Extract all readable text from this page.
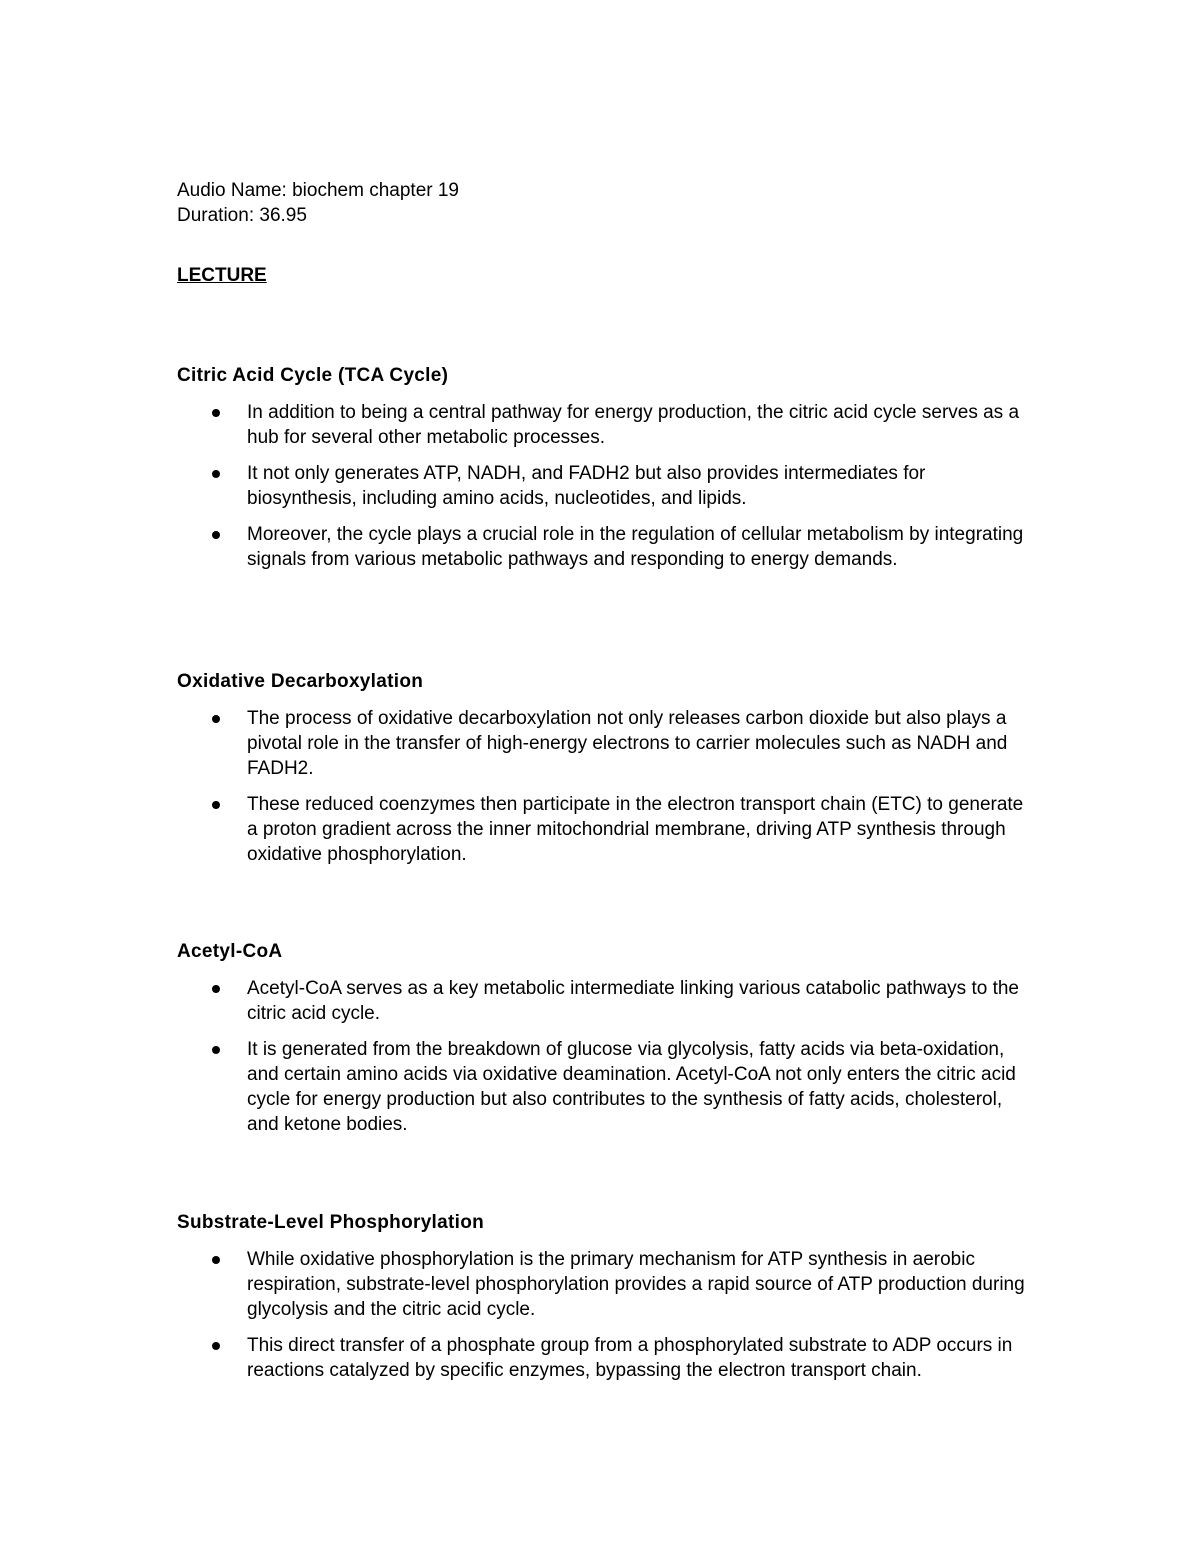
Audio Name: biochem chapter 19
Duration: 36.95
LECTURE
Citric Acid Cycle (TCA Cycle)
In addition to being a central pathway for energy production, the citric acid cycle serves as a hub for several other metabolic processes.
It not only generates ATP, NADH, and FADH2 but also provides intermediates for biosynthesis, including amino acids, nucleotides, and lipids.
Moreover, the cycle plays a crucial role in the regulation of cellular metabolism by integrating signals from various metabolic pathways and responding to energy demands.
Oxidative Decarboxylation
The process of oxidative decarboxylation not only releases carbon dioxide but also plays a pivotal role in the transfer of high-energy electrons to carrier molecules such as NADH and FADH2.
These reduced coenzymes then participate in the electron transport chain (ETC) to generate a proton gradient across the inner mitochondrial membrane, driving ATP synthesis through oxidative phosphorylation.
Acetyl-CoA
Acetyl-CoA serves as a key metabolic intermediate linking various catabolic pathways to the citric acid cycle.
It is generated from the breakdown of glucose via glycolysis, fatty acids via beta-oxidation, and certain amino acids via oxidative deamination. Acetyl-CoA not only enters the citric acid cycle for energy production but also contributes to the synthesis of fatty acids, cholesterol, and ketone bodies.
Substrate-Level Phosphorylation
While oxidative phosphorylation is the primary mechanism for ATP synthesis in aerobic respiration, substrate-level phosphorylation provides a rapid source of ATP production during glycolysis and the citric acid cycle.
This direct transfer of a phosphate group from a phosphorylated substrate to ADP occurs in reactions catalyzed by specific enzymes, bypassing the electron transport chain.
